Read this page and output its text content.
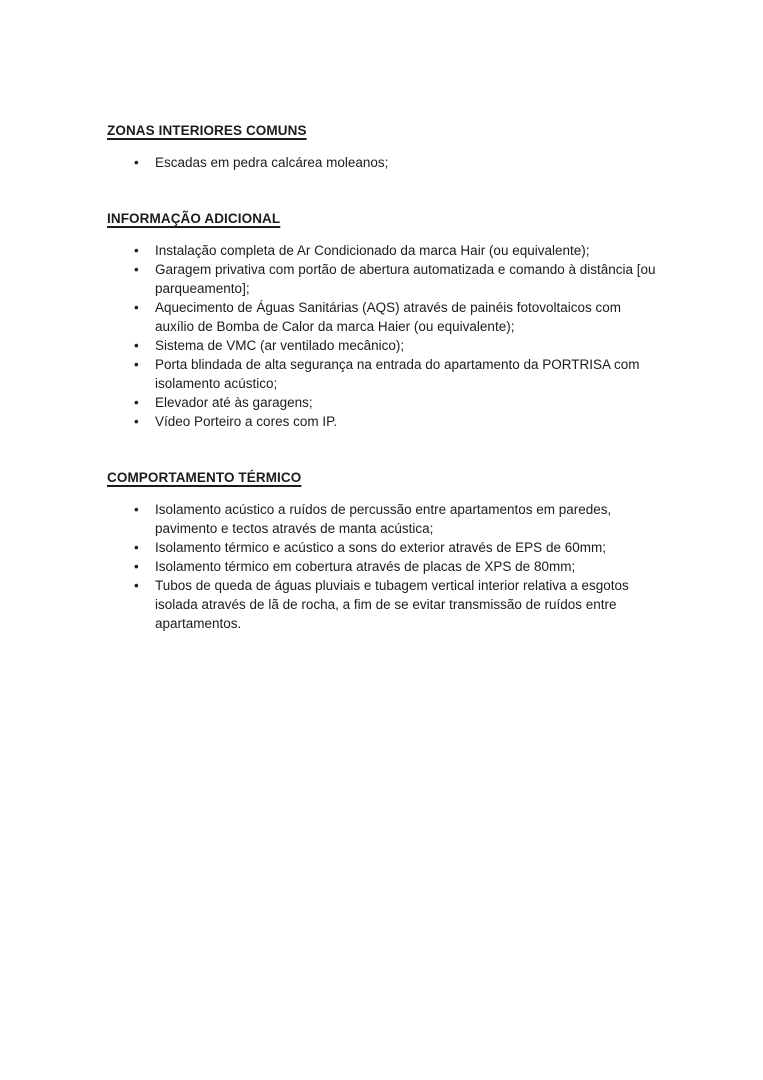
ZONAS INTERIORES COMUNS
• Escadas em pedra calcárea moleanos;
INFORMAÇÃO ADICIONAL
• Instalação completa de Ar Condicionado da marca Hair (ou equivalente);
• Garagem privativa com portão de abertura automatizada e comando à distância [ou parqueamento];
• Aquecimento de Águas Sanitárias (AQS) através de painéis fotovoltaicos com auxílio de Bomba de Calor da marca Haier (ou equivalente);
• Sistema de VMC (ar ventilado mecânico);
• Porta blindada de alta segurança na entrada do apartamento da PORTRISA com isolamento acústico;
• Elevador até às garagens;
• Vídeo Porteiro a cores com IP.
COMPORTAMENTO TÉRMICO
• Isolamento acústico a ruídos de percussão entre apartamentos em paredes, pavimento e tectos através de manta acústica;
• Isolamento térmico e acústico a sons do exterior através de EPS de 60mm;
• Isolamento térmico em cobertura através de placas de XPS de 80mm;
• Tubos de queda de águas pluviais e tubagem vertical interior relativa a esgotos isolada através de lã de rocha, a fim de se evitar transmissão de ruídos entre apartamentos.
